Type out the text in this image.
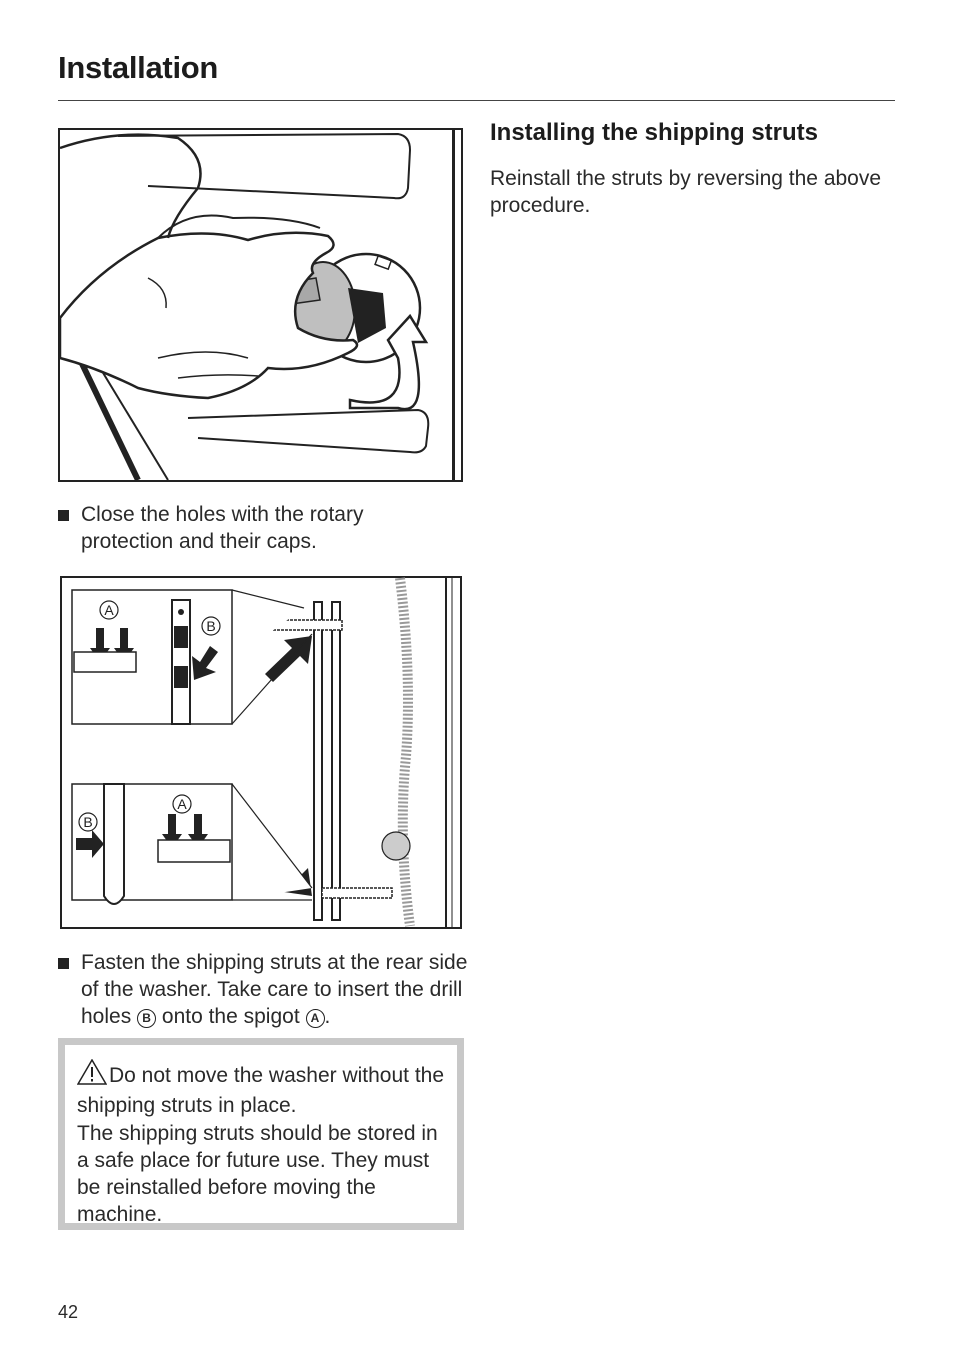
Installation
Close the holes with the rotary protection and their caps.
A
B
A
B
Fasten the shipping struts at the rear side of the washer. Take care to insert the drill holes B onto the spigot A .

Do not move the washer without the shipping struts in place.

The shipping struts should be stored in a safe place for future use. They must be reinstalled before moving the machine.

Installing the shipping struts
Reinstall the struts by reversing the above procedure.
42
